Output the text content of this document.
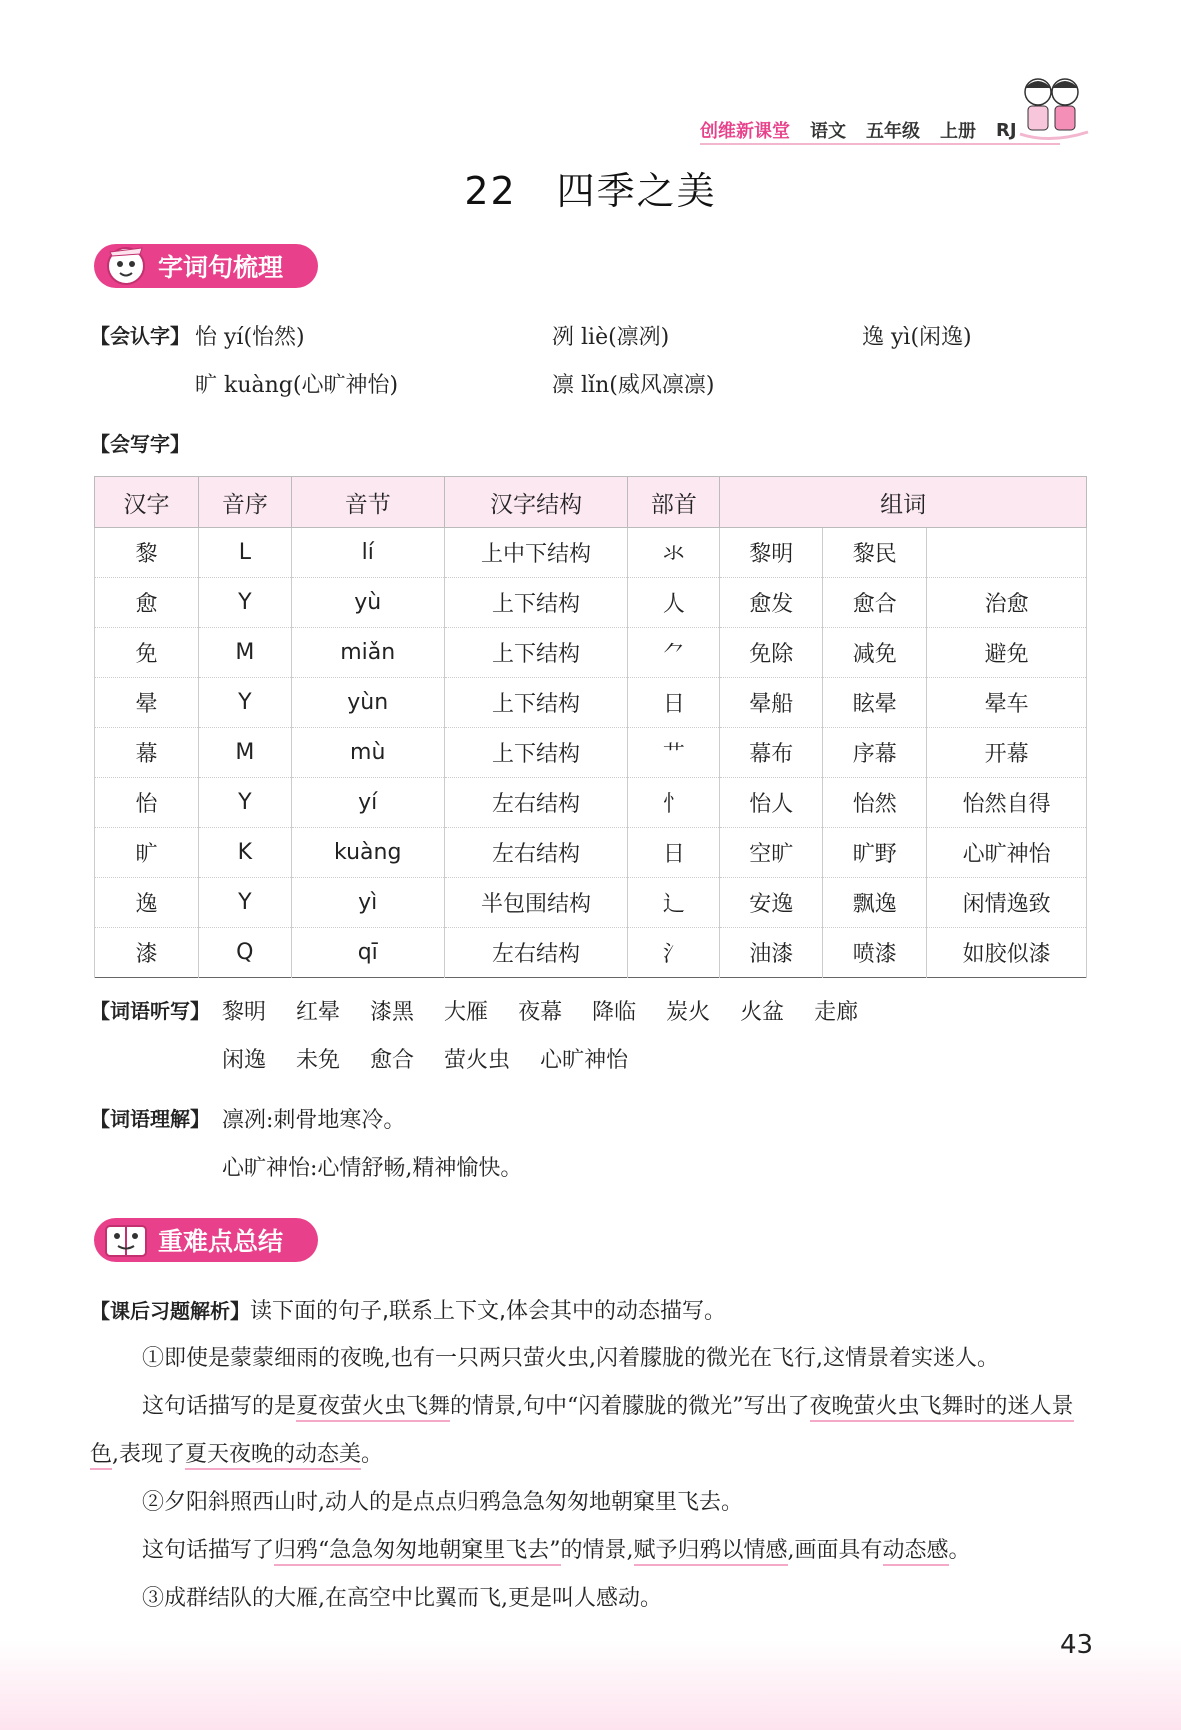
创维新课堂 语文 五年级 上册 RJ
22 四季之美
字词句梳理
【会认字】 怡 yí(怡然)	冽 liè(凛冽)	逸 yì(闲逸)
旷 kuàng(心旷神怡)	凛 lǐn(威风凛凛)
【会写字】
汉字	音序	音节	汉字结构	部首	组词		
黎	L	lí	上中下结构	氺	黎明	黎民	
愈	Y	yù	上下结构	人	愈发	愈合	治愈
免	M	miǎn	上下结构	⺈	免除	减免	避免
晕	Y	yùn	上下结构	日	晕船	眩晕	晕车
幕	M	mù	上下结构	艹	幕布	序幕	开幕
怡	Y	yí	左右结构	忄	怡人	怡然	怡然自得
旷	K	kuàng	左右结构	日	空旷	旷野	心旷神怡
逸	Y	yì	半包围结构	辶	安逸	飘逸	闲情逸致
漆	Q	qī	左右结构	氵	油漆	喷漆	如胶似漆
【词语听写】 黎明 红晕 漆黑 大雁 夜幕 降临 炭火 火盆 走廊
闲逸 未免 愈合 萤火虫 心旷神怡
【词语理解】 凛冽:刺骨地寒冷。
心旷神怡:心情舒畅,精神愉快。
重难点总结
【课后习题解析】读下面的句子,联系上下文,体会其中的动态描写。
①即使是蒙蒙细雨的夜晚,也有一只两只萤火虫,闪着朦胧的微光在飞行,这情景着实迷人。
这句话描写的是夏夜萤火虫飞舞的情景,句中“闪着朦胧的微光”写出了夜晚萤火虫飞舞时的迷人景色,表现了夏天夜晚的动态美。
②夕阳斜照西山时,动人的是点点归鸦急急匆匆地朝窠里飞去。
这句话描写了归鸦“急急匆匆地朝窠里飞去”的情景,赋予归鸦以情感,画面具有动态感。
③成群结队的大雁,在高空中比翼而飞,更是叫人感动。
43
